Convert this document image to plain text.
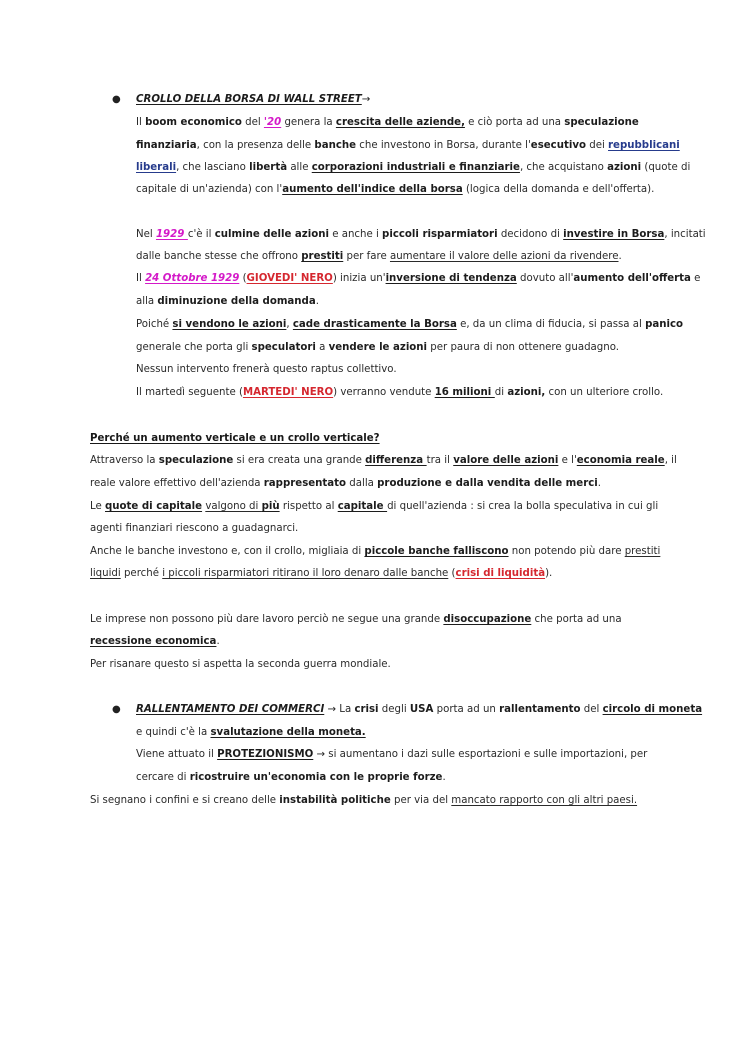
● CROLLO DELLA BORSA DI WALL STREET→
Il boom economico del '20 genera la crescita delle aziende, e ciò porta ad una speculazione
finanziaria, con la presenza delle banche che investono in Borsa, durante l'esecutivo dei repubblicani
liberali, che lasciano libertà alle corporazioni industriali e finanziarie, che acquistano azioni (quote di
capitale di un'azienda) con l'aumento dell'indice della borsa (logica della domanda e dell'offerta).
Nel 1929 c'è il culmine delle azioni e anche i piccoli risparmiatori decidono di investire in Borsa, incitati
dalle banche stesse che offrono prestiti per fare aumentare il valore delle azioni da rivendere.
Il 24 Ottobre 1929 (GIOVEDI' NERO) inizia un'inversione di tendenza dovuto all'aumento dell'offerta e
alla diminuzione della domanda.
Poiché si vendono le azioni, cade drasticamente la Borsa e, da un clima di fiducia, si passa al panico
generale che porta gli speculatori a vendere le azioni per paura di non ottenere guadagno.
Nessun intervento frenerà questo raptus collettivo.
Il martedì seguente (MARTEDI' NERO) verranno vendute 16 milioni di azioni, con un ulteriore crollo.
Perché un aumento verticale e un crollo verticale?
Attraverso la speculazione si era creata una grande differenza tra il valore delle azioni e l'economia reale, il
reale valore effettivo dell'azienda rappresentato dalla produzione e dalla vendita delle merci.
Le quote di capitale valgono di più rispetto al capitale di quell'azienda : si crea la bolla speculativa in cui gli
agenti finanziari riescono a guadagnarci.
Anche le banche investono e, con il crollo, migliaia di piccole banche falliscono non potendo più dare prestiti
liquidi perché i piccoli risparmiatori ritirano il loro denaro dalle banche (crisi di liquidità).
Le imprese non possono più dare lavoro perciò ne segue una grande disoccupazione che porta ad una
recessione economica.
Per risanare questo si aspetta la seconda guerra mondiale.
● RALLENTAMENTO DEI COMMERCI → La crisi degli USA porta ad un rallentamento del circolo di moneta
e quindi c'è la svalutazione della moneta.
Viene attuato il PROTEZIONISMO → si aumentano i dazi sulle esportazioni e sulle importazioni, per
cercare di ricostruire un'economia con le proprie forze.
Si segnano i confini e si creano delle instabilità politiche per via del mancato rapporto con gli altri paesi.
